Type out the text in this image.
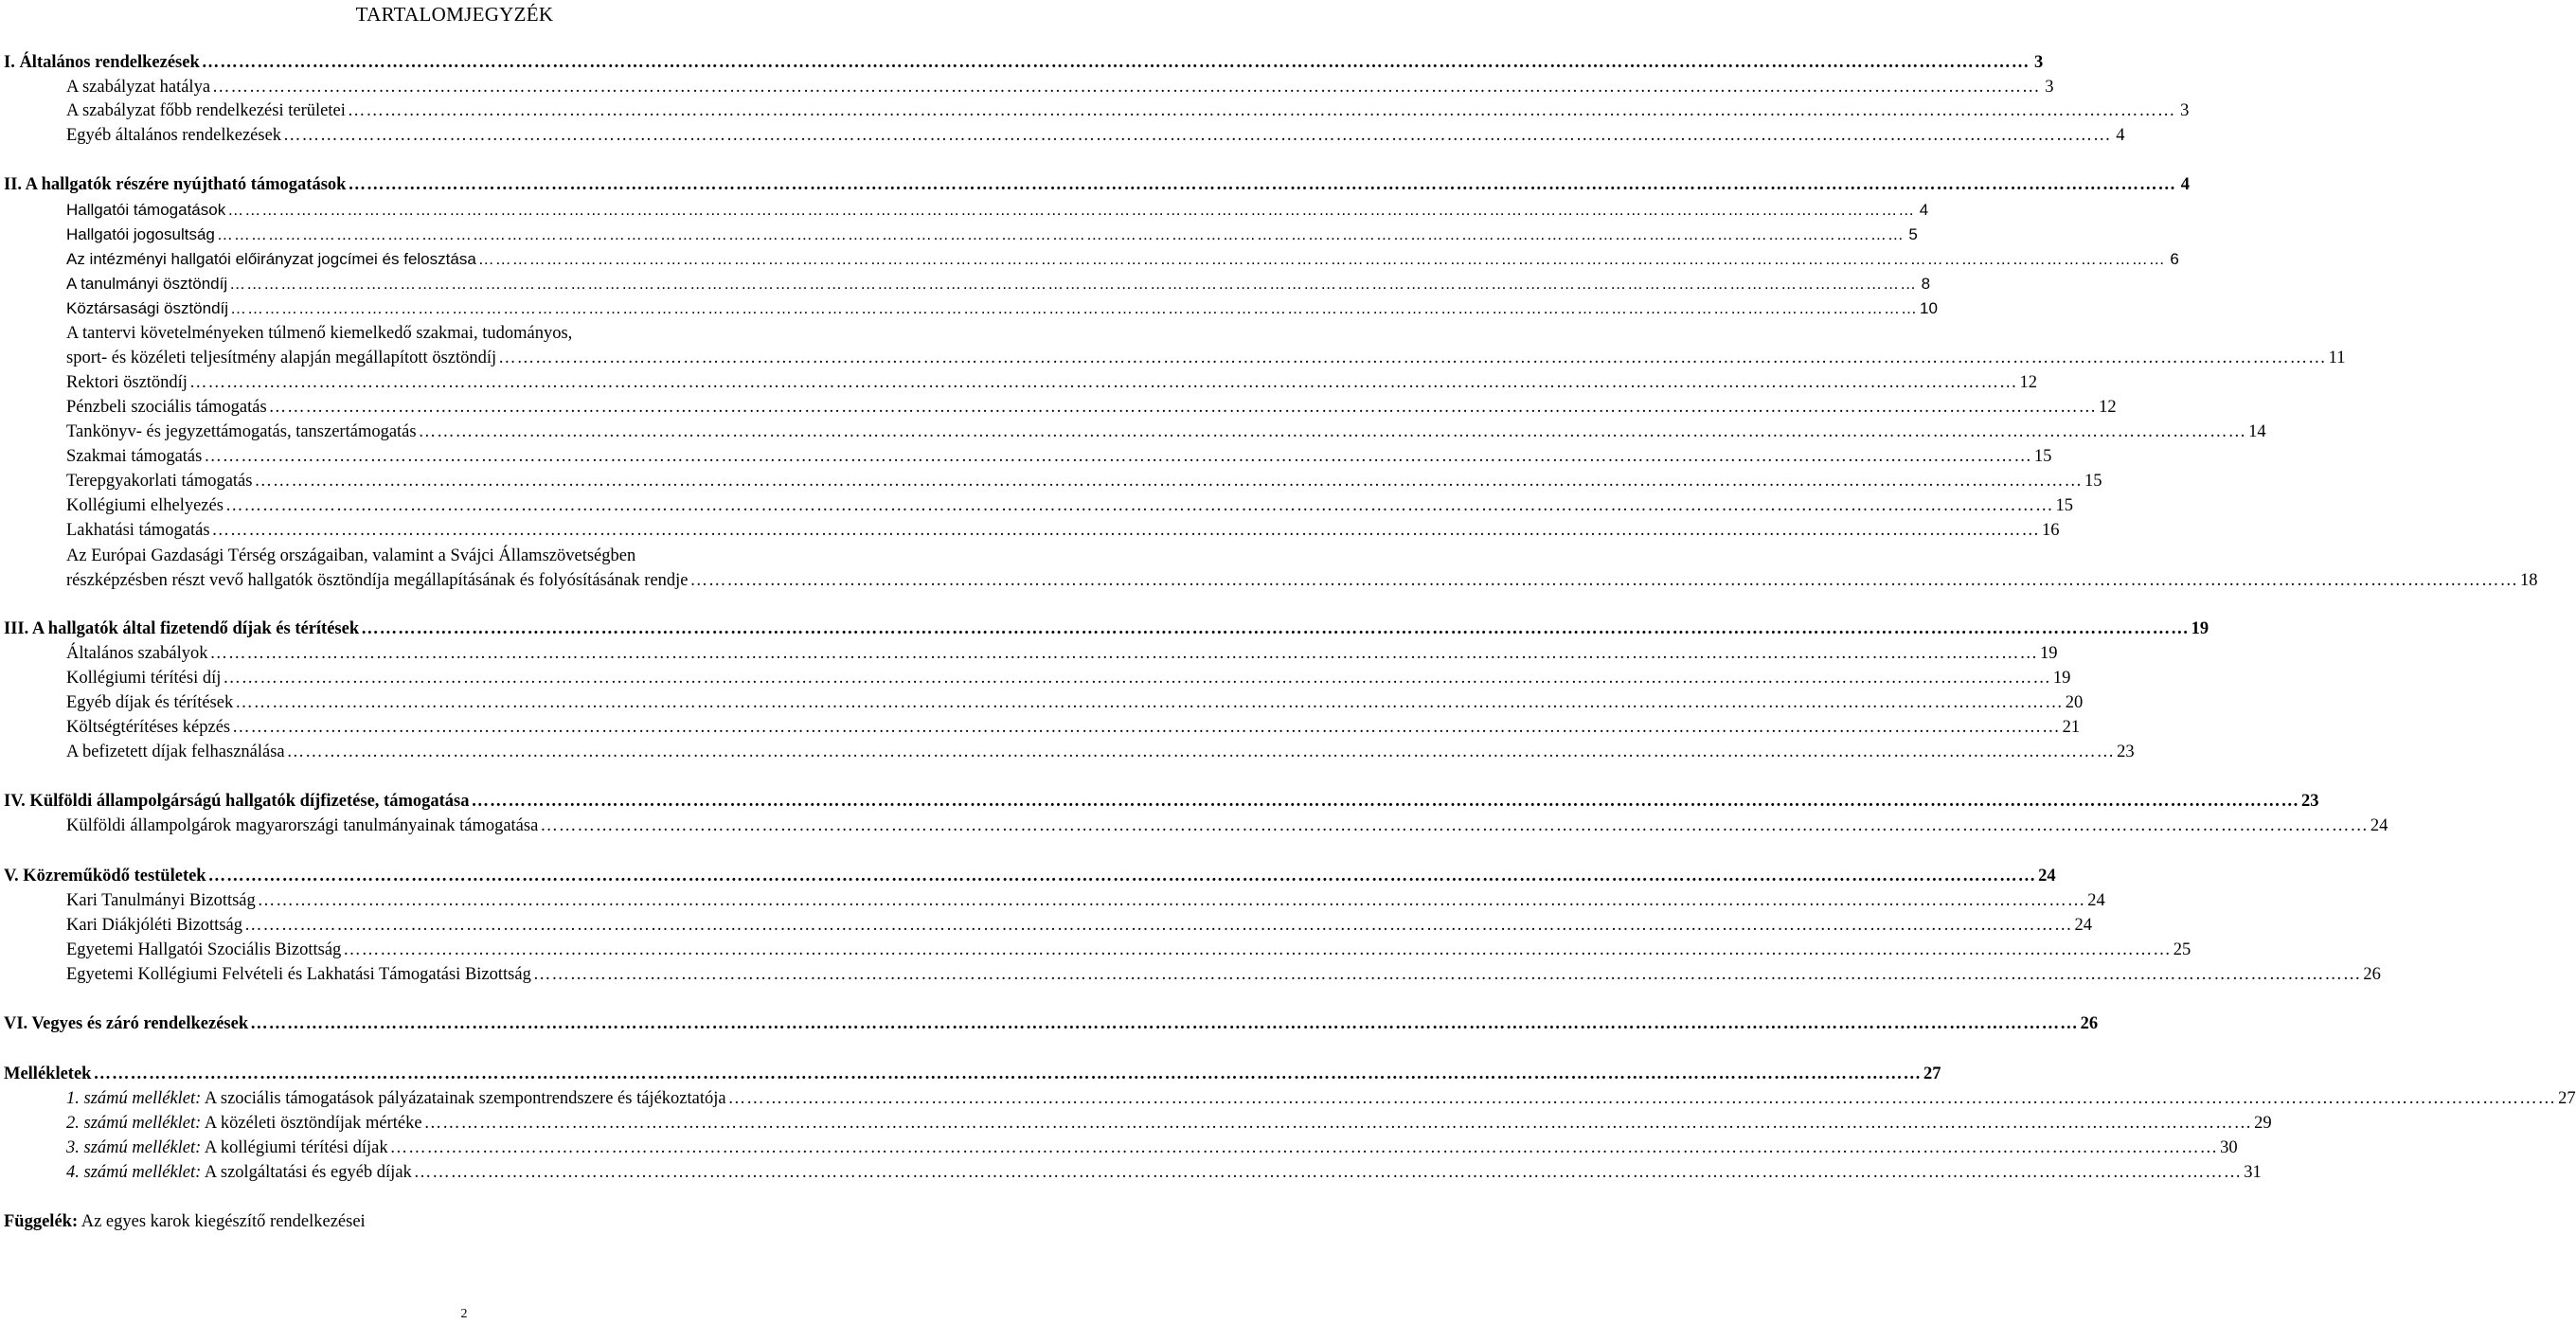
TARTALOMJEGYZÉK
I. Általános rendelkezések ………………………………………………………………………………………………………………………………………………………………………………………………………………………………………………………………………	3
A szabályzat hatálya ………………………………………………………………………………………………………………………………………………………………………………………………………………………………………………………………………	3
A szabályzat főbb rendelkezési területei ………………………………………………………………………………………………………………………………………………………………………………………………………………………………………………………………………	3
Egyéb általános rendelkezések ………………………………………………………………………………………………………………………………………………………………………………………………………………………………………………………………………	4
II. A hallgatók részére nyújtható támogatások ………………………………………………………………………………………………………………………………………………………………………………………………………………………………………………………………………	4
Hallgatói támogatások ………………………………………………………………………………………………………………………………………………………………………………………………………………………………………………………………………	4
Hallgatói jogosultság ………………………………………………………………………………………………………………………………………………………………………………………………………………………………………………………………………	5
Az intézményi hallgatói előirányzat jogcímei és felosztása ………………………………………………………………………………………………………………………………………………………………………………………………………………………………………………………………………	6
A tanulmányi ösztöndíj ………………………………………………………………………………………………………………………………………………………………………………………………………………………………………………………………………	8
Köztársasági ösztöndíj ………………………………………………………………………………………………………………………………………………………………………………………………………………………………………………………………………	10
A tantervi követelményeken túlmenő kiemelkedő szakmai, tudományos,
sport- és közéleti teljesítmény alapján megállapított ösztöndíj ………………………………………………………………………………………………………………………………………………………………………………………………………………………………………………………………………	11
Rektori ösztöndíj ………………………………………………………………………………………………………………………………………………………………………………………………………………………………………………………………………	12
Pénzbeli szociális támogatás ………………………………………………………………………………………………………………………………………………………………………………………………………………………………………………………………………	12
Tankönyv- és jegyzettámogatás, tanszertámogatás ………………………………………………………………………………………………………………………………………………………………………………………………………………………………………………………………………	14
Szakmai támogatás ………………………………………………………………………………………………………………………………………………………………………………………………………………………………………………………………………	15
Terepgyakorlati támogatás ………………………………………………………………………………………………………………………………………………………………………………………………………………………………………………………………………	15
Kollégiumi elhelyezés ………………………………………………………………………………………………………………………………………………………………………………………………………………………………………………………………………	15
Lakhatási támogatás ………………………………………………………………………………………………………………………………………………………………………………………………………………………………………………………………………	16
Az Európai Gazdasági Térség országaiban, valamint a Svájci Államszövetségben
részképzésben részt vevő hallgatók ösztöndíja megállapításának és folyósításának rendje ………………………………………………………………………………………………………………………………………………………………………………………………………………………………………………………………………	18
III. A hallgatók által fizetendő díjak és térítések ………………………………………………………………………………………………………………………………………………………………………………………………………………………………………………………………………	19
Általános szabályok ………………………………………………………………………………………………………………………………………………………………………………………………………………………………………………………………………	19
Kollégiumi térítési díj ………………………………………………………………………………………………………………………………………………………………………………………………………………………………………………………………………	19
Egyéb díjak és térítések ………………………………………………………………………………………………………………………………………………………………………………………………………………………………………………………………………	20
Költségtérítéses képzés ………………………………………………………………………………………………………………………………………………………………………………………………………………………………………………………………………	21
A befizetett díjak felhasználása ………………………………………………………………………………………………………………………………………………………………………………………………………………………………………………………………………	23
IV. Külföldi állampolgárságú hallgatók díjfizetése, támogatása ………………………………………………………………………………………………………………………………………………………………………………………………………………………………………………………………………	23
Külföldi állampolgárok magyarországi tanulmányainak támogatása ………………………………………………………………………………………………………………………………………………………………………………………………………………………………………………………………………	24
V. Közreműködő testületek ………………………………………………………………………………………………………………………………………………………………………………………………………………………………………………………………………	24
Kari Tanulmányi Bizottság ………………………………………………………………………………………………………………………………………………………………………………………………………………………………………………………………………	24
Kari Diákjóléti Bizottság ………………………………………………………………………………………………………………………………………………………………………………………………………………………………………………………………………	24
Egyetemi Hallgatói Szociális Bizottság ………………………………………………………………………………………………………………………………………………………………………………………………………………………………………………………………………	25
Egyetemi Kollégiumi Felvételi és Lakhatási Támogatási Bizottság ………………………………………………………………………………………………………………………………………………………………………………………………………………………………………………………………………	26
VI. Vegyes és záró rendelkezések ………………………………………………………………………………………………………………………………………………………………………………………………………………………………………………………………………	26
Mellékletek ………………………………………………………………………………………………………………………………………………………………………………………………………………………………………………………………………	27
1. számú melléklet: A szociális támogatások pályázatainak szempontrendszere és tájékoztatója ………………………………………………………………………………………………………………………………………………………………………………………………………………………………………………………………………	27
2. számú melléklet: A közéleti ösztöndíjak mértéke ………………………………………………………………………………………………………………………………………………………………………………………………………………………………………………………………………	29
3. számú melléklet: A kollégiumi térítési díjak ………………………………………………………………………………………………………………………………………………………………………………………………………………………………………………………………………	30
4. számú melléklet: A szolgáltatási és egyéb díjak ………………………………………………………………………………………………………………………………………………………………………………………………………………………………………………………………………	31
Függelék: Az egyes karok kiegészítő rendelkezései
2
